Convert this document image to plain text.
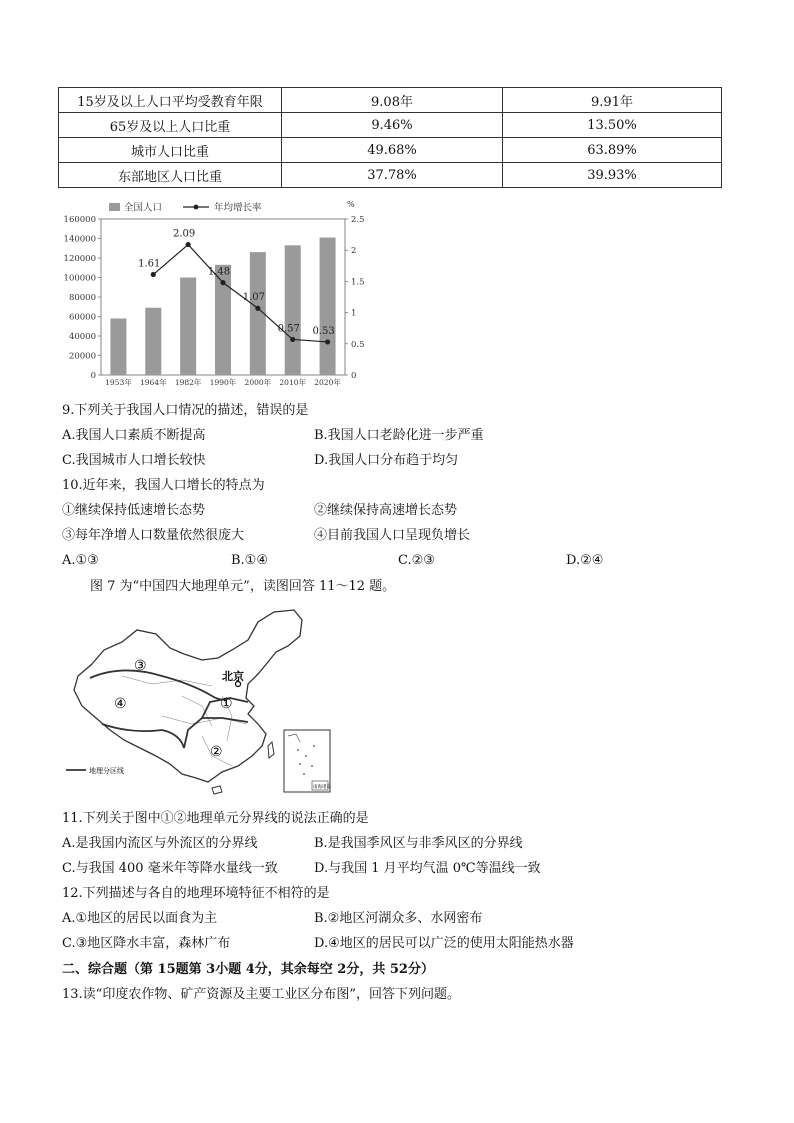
15岁及以上人口平均受教育年限	9.08年	9.91年
65岁及以上人口比重	9.46%	13.50%
城市人口比重	49.68%	63.89%
东部地区人口比重	37.78%	39.93%
0
20000
40000
60000
80000
100000
120000
140000
160000
0
0.5
1
1.5
2
2.5
%
1953年 1964年 1982年 1990年 2000年 2010年 2020年
1.61
2.09
1.48
1.07
0.57 0.53
全国人口	年均增长率
9.下列关于我国人口情况的描述，错误的是
A.我国人口素质不断提高	B.我国人口老龄化进一步严重
C.我国城市人口增长较快	D.我国人口分布趋于均匀
10.近年来，我国人口增长的特点为
①继续保持低速增长态势	②继续保持高速增长态势
③每年净增人口数量依然很庞大	④目前我国人口呈现负增长
A.①③	B.①④	C.②③	D.②④
图 7 为“中国四大地理单元”，读图回答 11～12 题。
北京
③
④	①
②
地理分区线
南海诸岛
11.下列关于图中①②地理单元分界线的说法正确的是
A.是我国内流区与外流区的分界线	B.是我国季风区与非季风区的分界线
C.与我国 400 毫米年等降水量线一致	D.与我国 1 月平均气温 0℃等温线一致
12.下列描述与各自的地理环境特征不相符的是
A.①地区的居民以面食为主	B.②地区河湖众多、水网密布
C.③地区降水丰富，森林广布	D.④地区的居民可以广泛的使用太阳能热水器
二、综合题（第 15题第 3小题 4分，其余每空 2分，共 52分）
13.读“印度农作物、矿产资源及主要工业区分布图”，回答下列问题。
